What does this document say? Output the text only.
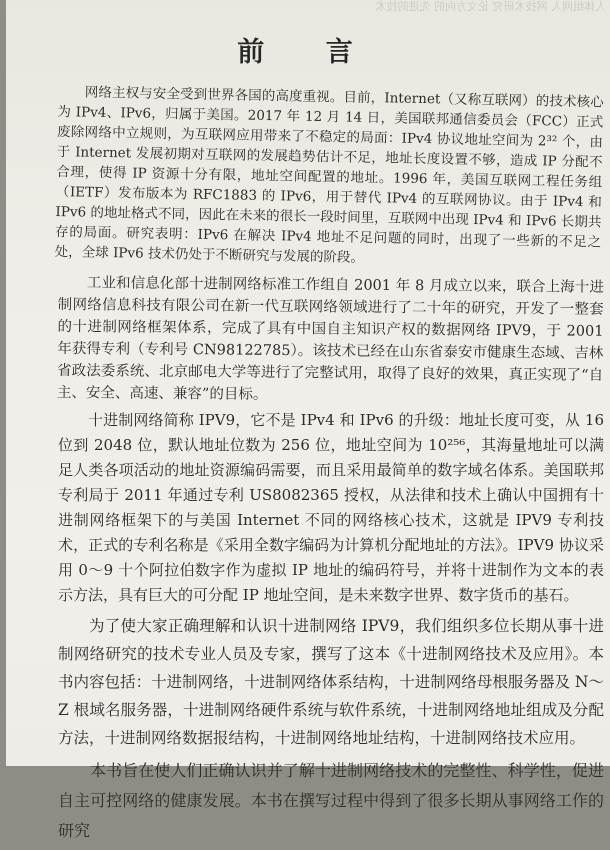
人体组网人 网技术研究 论文方向的 先进的技术
前 言

网络主权与安全受到世界各国的高度重视。目前，Internet（又称互联网）的技术核心为 IPv4、IPv6，归属于美国。2017 年 12 月 14 日，美国联邦通信委员会（FCC）正式废除网络中立规则，为互联网应用带来了不稳定的局面：IPv4 协议地址空间为 2³² 个，由于 Internet 发展初期对互联网的发展趋势估计不足，地址长度设置不够，造成 IP 分配不合理，使得 IP 资源十分有限，地址空间配置的地址。1996 年，美国互联网工程任务组（IETF）发布版本为 RFC1883 的 IPv6，用于替代 IPv4 的互联网协议。由于 IPv4 和 IPv6 的地址格式不同，因此在未来的很长一段时间里，互联网中出现 IPv4 和 IPv6 长期共存的局面。研究表明：IPv6 在解决 IPv4 地址不足问题的同时，出现了一些新的不足之处，全球 IPv6 技术仍处于不断研究与发展的阶段。

工业和信息化部十进制网络标准工作组自 2001 年 8 月成立以来，联合上海十进制网络信息科技有限公司在新一代互联网络领域进行了二十年的研究，开发了一整套的十进制网络框架体系，完成了具有中国自主知识产权的数据网络 IPV9，于 2001 年获得专利（专利号 CN98122785）。该技术已经在山东省泰安市健康生态域、吉林省政法委系统、北京邮电大学等进行了完整试用，取得了良好的效果，真正实现了“自主、安全、高速、兼容”的目标。

十进制网络简称 IPV9，它不是 IPv4 和 IPv6 的升级：地址长度可变，从 16 位到 2048 位，默认地址位数为 256 位，地址空间为 10²⁵⁶，其海量地址可以满足人类各项活动的地址资源编码需要，而且采用最简单的数字域名体系。美国联邦专利局于 2011 年通过专利 US8082365 授权，从法律和技术上确认中国拥有十进制网络框架下的与美国 Internet 不同的网络核心技术，这就是 IPV9 专利技术，正式的专利名称是《采用全数字编码为计算机分配地址的方法》。IPV9 协议采用 0～9 十个阿拉伯数字作为虚拟 IP 地址的编码符号，并将十进制作为文本的表示方法，具有巨大的可分配 IP 地址空间，是未来数字世界、数字货币的基石。

为了使大家正确理解和认识十进制网络 IPV9，我们组织多位长期从事十进制网络研究的技术专业人员及专家，撰写了这本《十进制网络技术及应用》。本书内容包括：十进制网络，十进制网络体系结构，十进制网络母根服务器及 N～Z 根域名服务器，十进制网络硬件系统与软件系统，十进制网络地址组成及分配方法，十进制网络数据报结构，十进制网络地址结构，十进制网络技术应用。

本书旨在使人们正确认识并了解十进制网络技术的完整性、科学性，促进自主可控网络的健康发展。本书在撰写过程中得到了很多长期从事网络工作的研究
